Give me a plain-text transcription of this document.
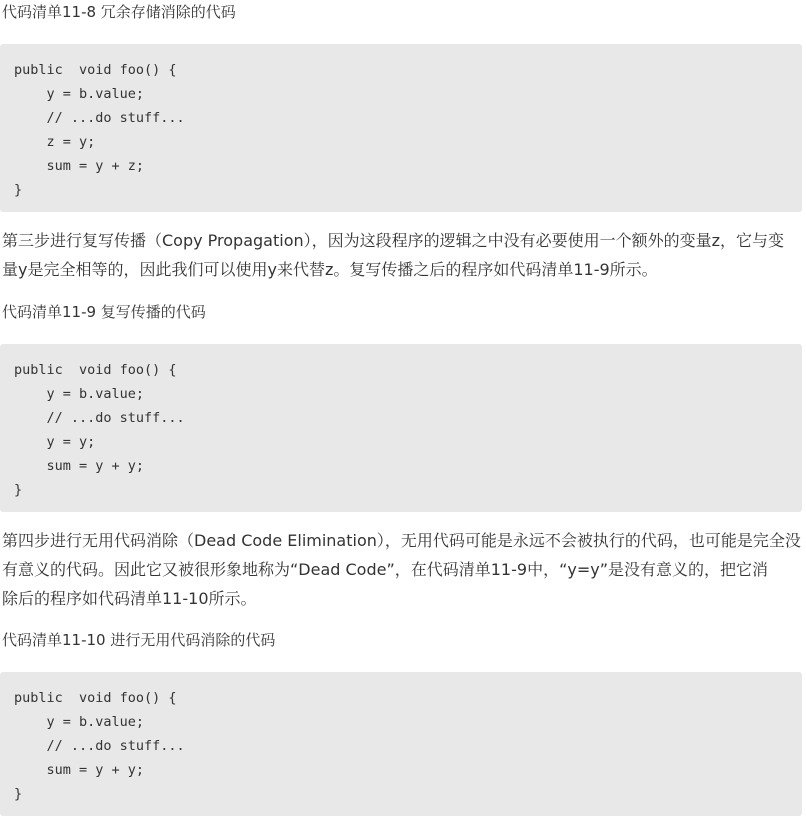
代码清单11-8 冗余存储消除的代码
public  void foo() {
y = b.value;
// ...do stuff...
z = y;
sum = y + z;
}

第三步进行复写传播（Copy Propagation），因为这段程序的逻辑之中没有必要使用一个额外的变量z，它与变

量y是完全相等的，因此我们可以使用y来代替z。复写传播之后的程序如代码清单11-9所示。

代码清单11-9 复写传播的代码
public  void foo() {
y = b.value;
// ...do stuff...
y = y;
sum = y + y;
}

第四步进行无用代码消除（Dead Code Elimination），无用代码可能是永远不会被执行的代码，也可能是完全没

有意义的代码。因此它又被很形象地称为“Dead Code”，在代码清单11-9中，“y=y”是没有意义的，把它消

除后的程序如代码清单11-10所示。

代码清单11-10 进行无用代码消除的代码
public  void foo() {
y = b.value;
// ...do stuff...
sum = y + y;
}
